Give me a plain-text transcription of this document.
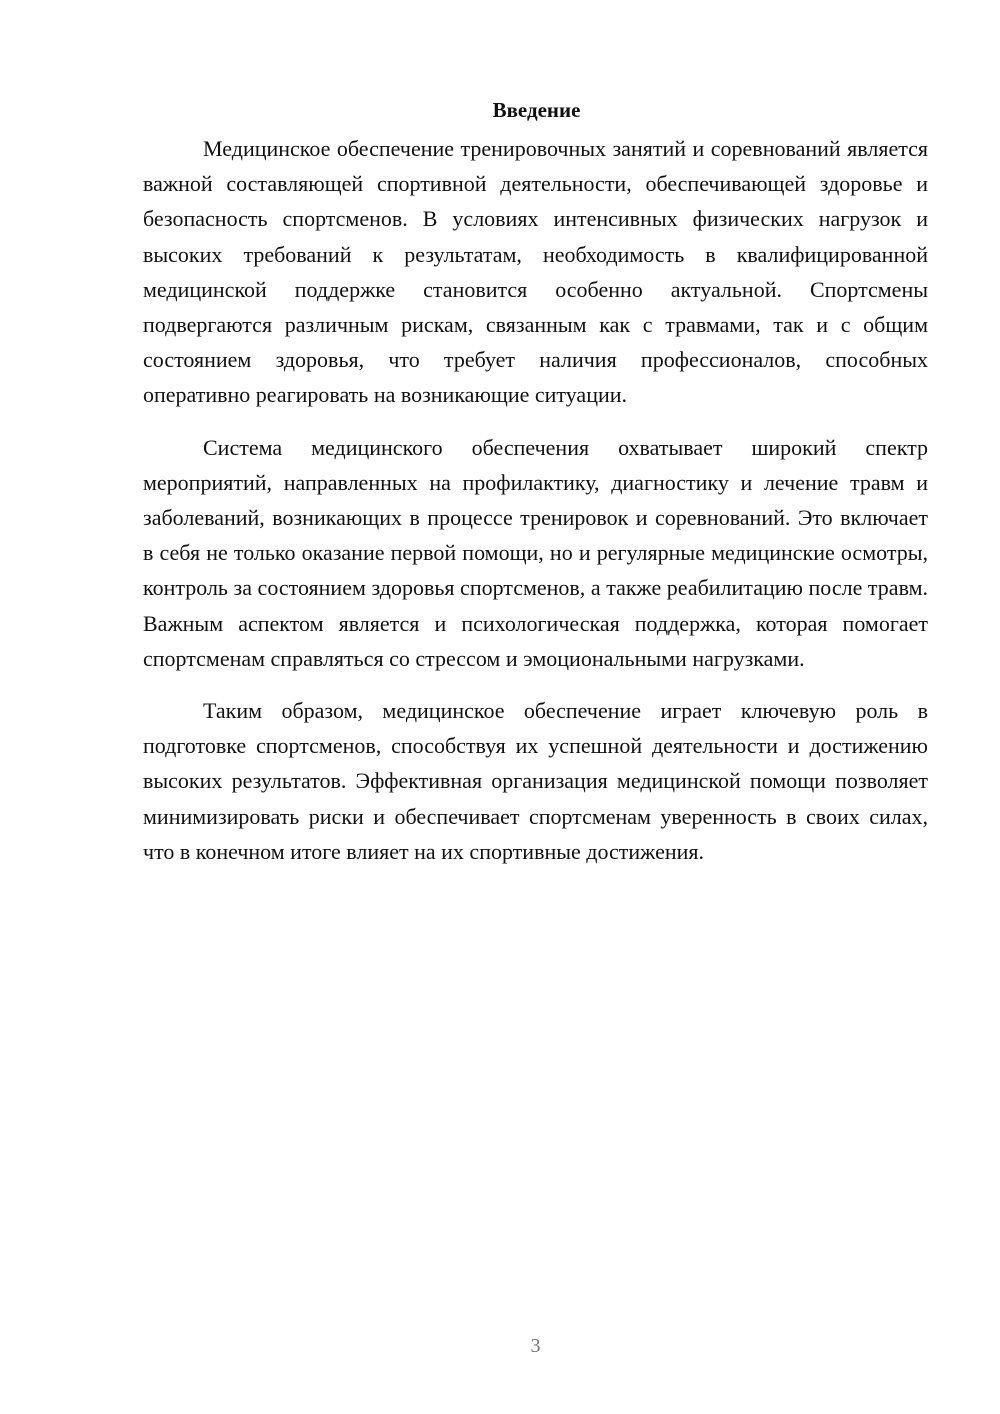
Введение

Медицинское обеспечение тренировочных занятий и соревнований является важной составляющей спортивной деятельности, обеспечивающей здоровье и безопасность спортсменов. В условиях интенсивных физических нагрузок и высоких требований к результатам, необходимость в квалифицированной медицинской поддержке становится особенно актуальной. Спортсмены подвергаются различным рискам, связанным как с травмами, так и с общим состоянием здоровья, что требует наличия профессионалов, способных оперативно реагировать на возникающие ситуации.

Система медицинского обеспечения охватывает широкий спектр мероприятий, направленных на профилактику, диагностику и лечение травм и заболеваний, возникающих в процессе тренировок и соревнований. Это включает в себя не только оказание первой помощи, но и регулярные медицинские осмотры, контроль за состоянием здоровья спортсменов, а также реабилитацию после травм. Важным аспектом является и психологическая поддержка, которая помогает спортсменам справляться со стрессом и эмоциональными нагрузками.

Таким образом, медицинское обеспечение играет ключевую роль в подготовке спортсменов, способствуя их успешной деятельности и достижению высоких результатов. Эффективная организация медицинской помощи позволяет минимизировать риски и обеспечивает спортсменам уверенность в своих силах, что в конечном итоге влияет на их спортивные достижения.

3
